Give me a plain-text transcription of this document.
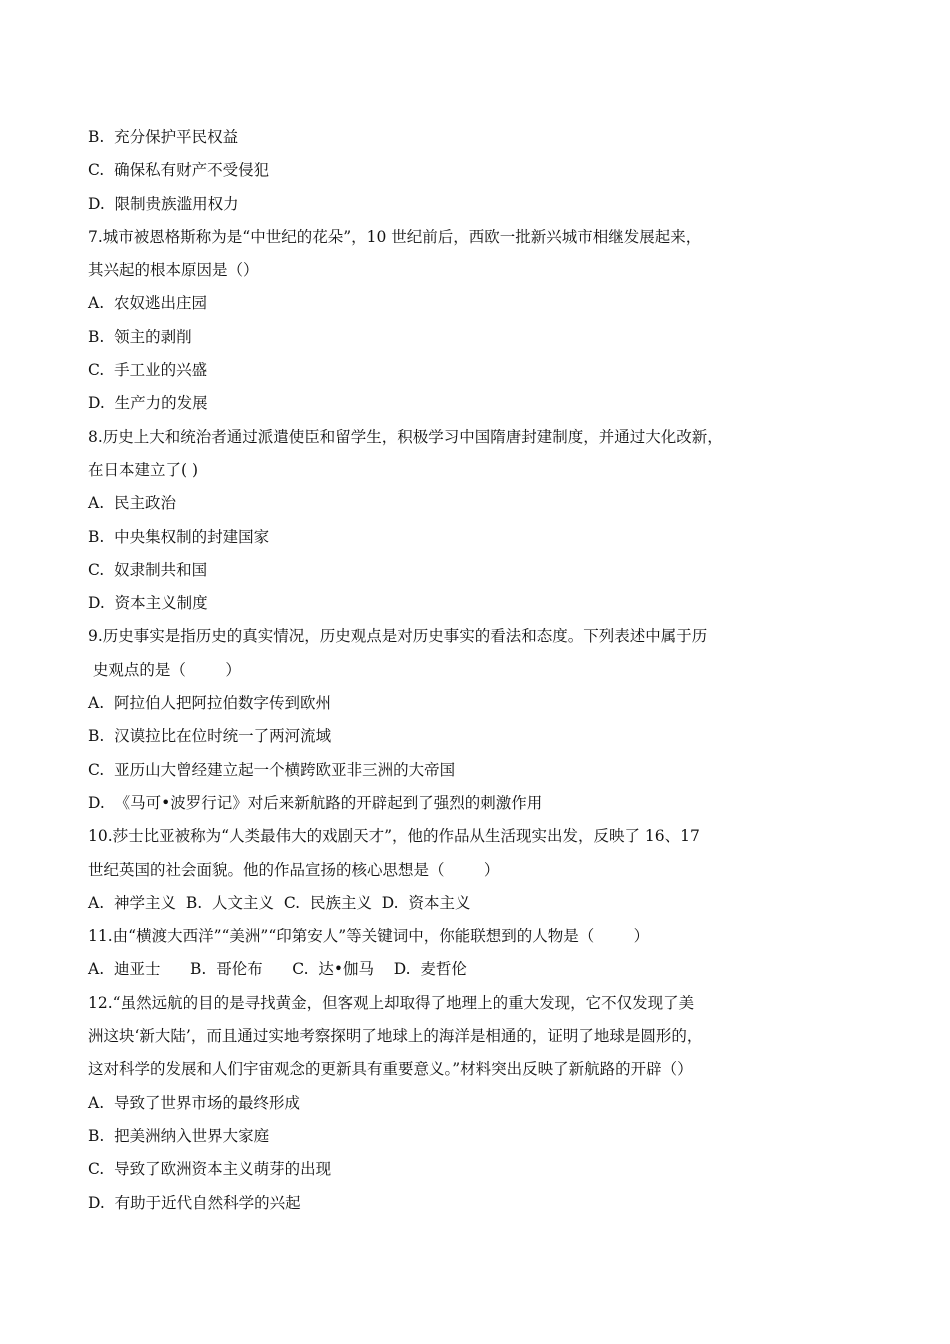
B.  充分保护平民权益
C.  确保私有财产不受侵犯
D.  限制贵族滥用权力
7.城市被恩格斯称为是“中世纪的花朵”，10 世纪前后，西欧一批新兴城市相继发展起来，
其兴起的根本原因是（）
A.  农奴逃出庄园
B.  领主的剥削
C.  手工业的兴盛
D.  生产力的发展
8.历史上大和统治者通过派遣使臣和留学生，积极学习中国隋唐封建制度，并通过大化改新，
在日本建立了( )
A.  民主政治
B.  中央集权制的封建国家
C.  奴隶制共和国
D.  资本主义制度
9.历史事实是指历史的真实情况，历史观点是对历史事实的看法和态度。下列表述中属于历
史观点的是（        ）
A.  阿拉伯人把阿拉伯数字传到欧州
B.  汉谟拉比在位时统一了两河流域
C.  亚历山大曾经建立起一个横跨欧亚非三洲的大帝国
D.  《马可•波罗行记》对后来新航路的开辟起到了强烈的刺激作用
10.莎士比亚被称为“人类最伟大的戏剧天才”，他的作品从生活现实出发，反映了 16、17
世纪英国的社会面貌。他的作品宣扬的核心思想是（        ）
A.  神学主义  B.  人文主义  C.  民族主义  D.  资本主义
11.由“横渡大西洋”“美洲”“印第安人”等关键词中，你能联想到的人物是（        ）
A.  迪亚士      B.  哥伦布      C.  达•伽马    D.  麦哲伦
12.“虽然远航的目的是寻找黄金，但客观上却取得了地理上的重大发现，它不仅发现了美
洲这块‘新大陆’，而且通过实地考察探明了地球上的海洋是相通的，证明了地球是圆形的，
这对科学的发展和人们宇宙观念的更新具有重要意义。”材料突出反映了新航路的开辟（）
A.  导致了世界市场的最终形成
B.  把美洲纳入世界大家庭
C.  导致了欧洲资本主义萌芽的出现
D.  有助于近代自然科学的兴起
